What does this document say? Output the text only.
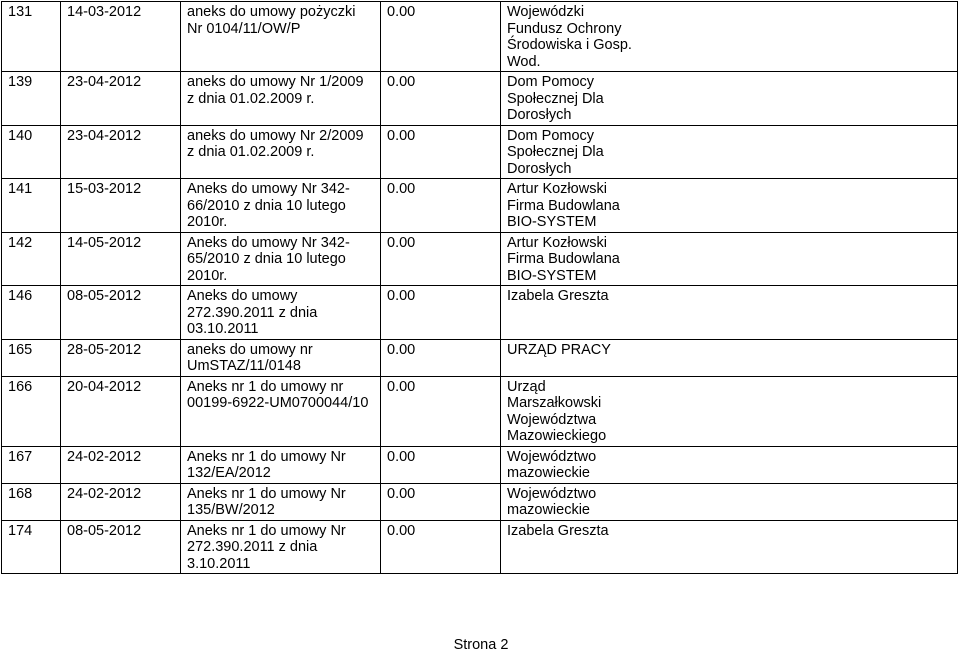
131	14-03-2012	aneks do umowy pożyczki Nr 0104/11/OW/P	0.00	Wojewódzki Fundusz Ochrony Środowiska i Gosp. Wod.

139	23-04-2012	aneks do umowy Nr 1/2009 z dnia 01.02.2009 r.	0.00	Dom Pomocy Społecznej Dla Dorosłych

140	23-04-2012	aneks do umowy Nr 2/2009 z dnia 01.02.2009 r.	0.00	Dom Pomocy Społecznej Dla Dorosłych

141	15-03-2012	Aneks do umowy Nr 342-66/2010 z dnia 10 lutego 2010r.	0.00	Artur Kozłowski Firma Budowlana BIO-SYSTEM

142	14-05-2012	Aneks do umowy Nr 342-65/2010 z dnia 10 lutego 2010r.	0.00	Artur Kozłowski Firma Budowlana BIO-SYSTEM

146	08-05-2012	Aneks do umowy 272.390.2011 z dnia 03.10.2011	0.00	Izabela Greszta

165	28-05-2012	aneks do umowy nr UmSTAZ/11/0148	0.00	URZĄD PRACY

166	20-04-2012	Aneks nr 1 do umowy nr 00199-6922-UM0700044/10	0.00	Urząd Marszałkowski Województwa Mazowieckiego

167	24-02-2012	Aneks nr 1 do umowy Nr 132/EA/2012	0.00	Województwo mazowieckie

168	24-02-2012	Aneks nr 1 do umowy Nr 135/BW/2012	0.00	Województwo mazowieckie

174	08-05-2012	Aneks nr 1 do umowy Nr 272.390.2011 z dnia 3.10.2011	0.00	Izabela Greszta
Strona 2
